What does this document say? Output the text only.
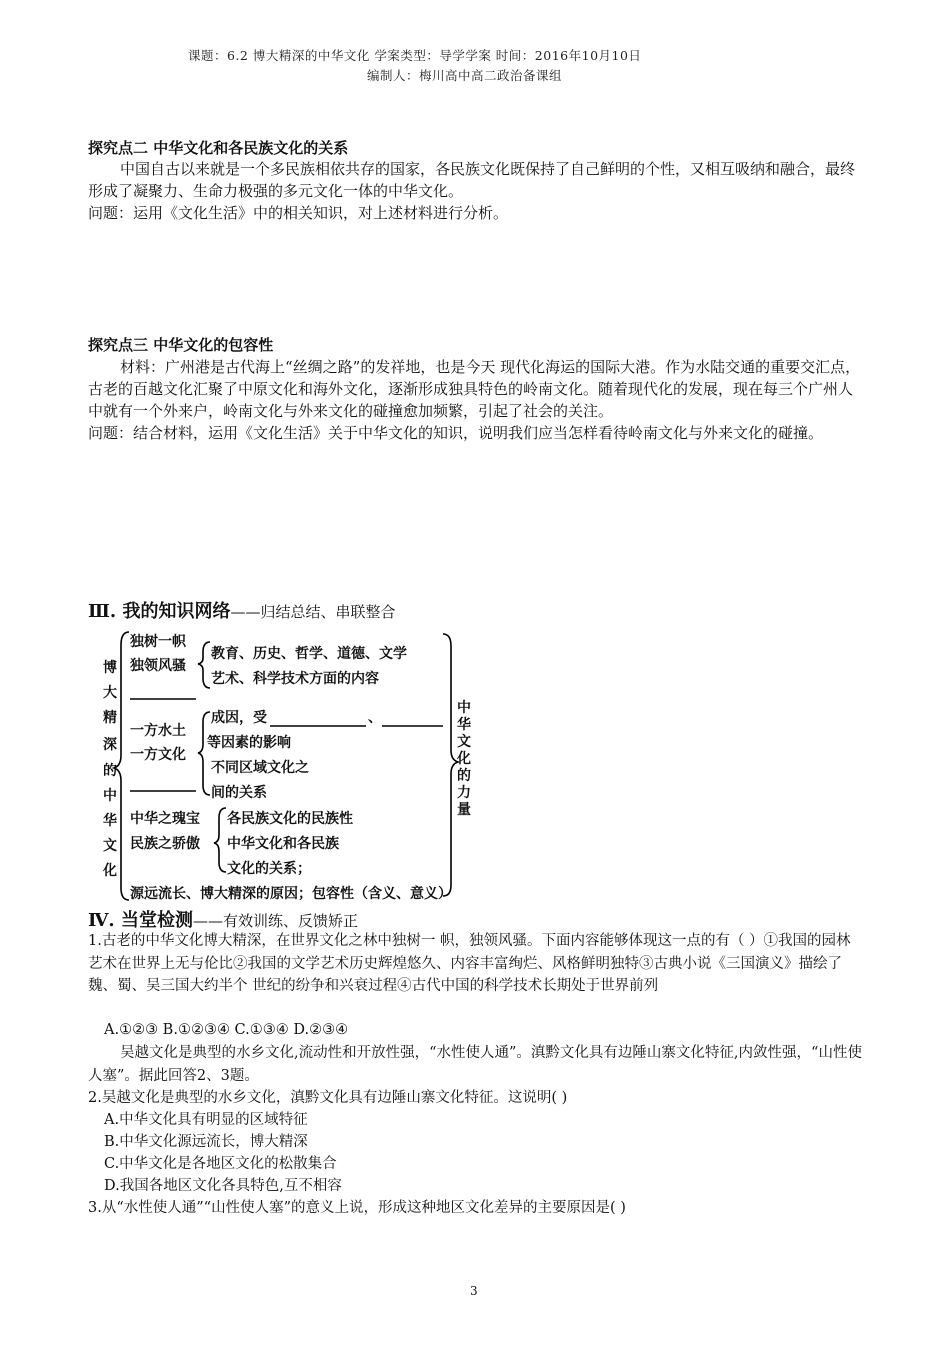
课题：6.2 博大精深的中华文化 学案类型：导学学案 时间：2016年10月10日
编制人：梅川高中高二政治备课组
探究点二 中华文化和各民族文化的关系
中国自古以来就是一个多民族相依共存的国家，各民族文化既保持了自己鲜明的个性，又相互吸纳和融合，最终形成了凝聚力、生命力极强的多元文化一体的中华文化。
问题：运用《文化生活》中的相关知识，对上述材料进行分析。
探究点三 中华文化的包容性
材料：广州港是古代海上“丝绸之路”的发祥地，也是今天 现代化海运的国际大港。作为水陆交通的重要交汇点，古老的百越文化汇聚了中原文化和海外文化，逐渐形成独具特色的岭南文化。随着现代化的发展，现在每三个广州人中就有一个外来户，岭南文化与外来文化的碰撞愈加频繁，引起了社会的关注。
问题：结合材料，运用《文化生活》关于中华文化的知识，说明我们应当怎样看待岭南文化与外来文化的碰撞。
Ⅲ. 我的知识网络——归结总结、串联整合
博
大
精
深
的
中
华
文
化
中
华
文
化
的
力
量
独树一帜
独领风骚
教育、历史、哲学、道德、文学
艺术、科学技术方面的内容
一方水土
一方文化
成因，受	、
等因素的影响
不同区域文化之
间的关系
中华之瑰宝
民族之骄傲
各民族文化的民族性
中华文化和各民族
文化的关系；
源远流长、博大精深的原因；包容性（含义、意义）
Ⅳ. 当堂检测——有效训练、反馈矫正
1.古老的中华文化博大精深，在世界文化之林中独树一 帜，独领风骚。下面内容能够体现这一点的有（ ）①我国的园林艺术在世界上无与伦比②我国的文学艺术历史辉煌悠久、内容丰富绚烂、风格鲜明独特③古典小说《三国演义》描绘了魏、蜀、吴三国大约半个 世纪的纷争和兴衰过程④古代中国的科学技术长期处于世界前列
A.①②③ B.①②③④ C.①③④ D.②③④
吴越文化是典型的水乡文化,流动性和开放性强，“水性使人通”。滇黔文化具有边陲山寨文化特征,内敛性强，“山性使人塞”。据此回答2、3题。
2.吴越文化是典型的水乡文化，滇黔文化具有边陲山寨文化特征。这说明( )
A.中华文化具有明显的区域特征
B.中华文化源远流长，博大精深
C.中华文化是各地区文化的松散集合
D.我国各地区文化各具特色,互不相容
3.从“水性使人通”“山性使人塞”的意义上说，形成这种地区文化差异的主要原因是( )
3
